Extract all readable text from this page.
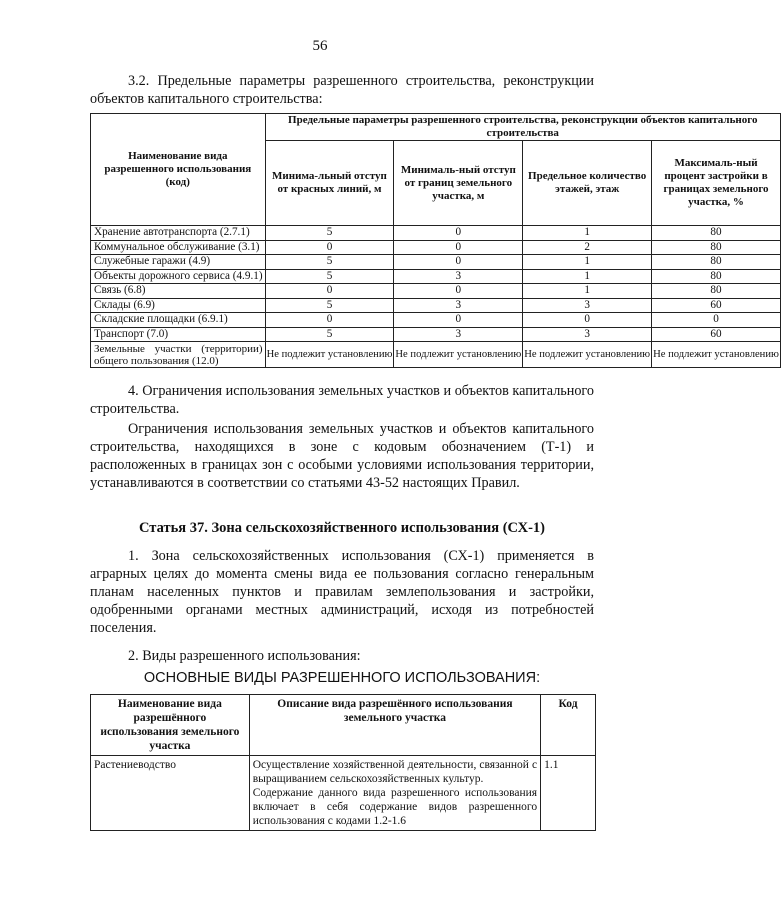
56

3.2. Предельные параметры разрешенного строительства, реконструкции объектов капитального строительства:

Наименование вида разрешенного использования (код)	Предельные параметры разрешенного строительства, реконструкции объектов капитального строительства			
	Минима-льный отступ от красных линий, м	Минималь-ный отступ от границ земельного участка, м	Предельное количество этажей, этаж	Максималь-ный процент застройки в границах земельного участка, %
Хранение автотранспорта (2.7.1)	5	0	1	80
Коммунальное обслуживание (3.1)	0	0	2	80
Служебные гаражи (4.9)	5	0	1	80
Объекты дорожного сервиса (4.9.1)	5	3	1	80
Связь (6.8)	0	0	1	80
Склады (6.9)	5	3	3	60
Складские площадки (6.9.1)	0	0	0	0
Транспорт (7.0)	5	3	3	60
Земельные участки (территории) общего пользования (12.0)	Не подлежит установлению	Не подлежит установлению	Не подлежит установлению	Не подлежит установлению

4. Ограничения использования земельных участков и объектов капитального строительства.

Ограничения использования земельных участков и объектов капитального строительства, находящихся в зоне с кодовым обозначением (Т-1) и расположенных в границах зон с особыми условиями использования территории, устанавливаются в соответствии со статьями 43-52 настоящих Правил.

Статья 37. Зона сельскохозяйственного использования (СХ-1)

1. Зона сельскохозяйственных использования (СХ-1) применяется в аграрных целях до момента смены вида ее пользования согласно генеральным планам населенных пунктов и правилам землепользования и застройки, одобренными органами местных администраций, исходя из потребностей поселения.

2. Виды разрешенного использования:

ОСНОВНЫЕ ВИДЫ РАЗРЕШЕННОГО ИСПОЛЬЗОВАНИЯ:

Наименование вида разрешённого использования земельного участка	Описание вида разрешённого использования земельного участка	Код
Растениеводство	Осуществление хозяйственной деятельности, связанной с выращиванием сельскохозяйственных культур.
Содержание данного вида разрешенного использования включает в себя содержание видов разрешенного использования с кодами 1.2-1.6	1.1
